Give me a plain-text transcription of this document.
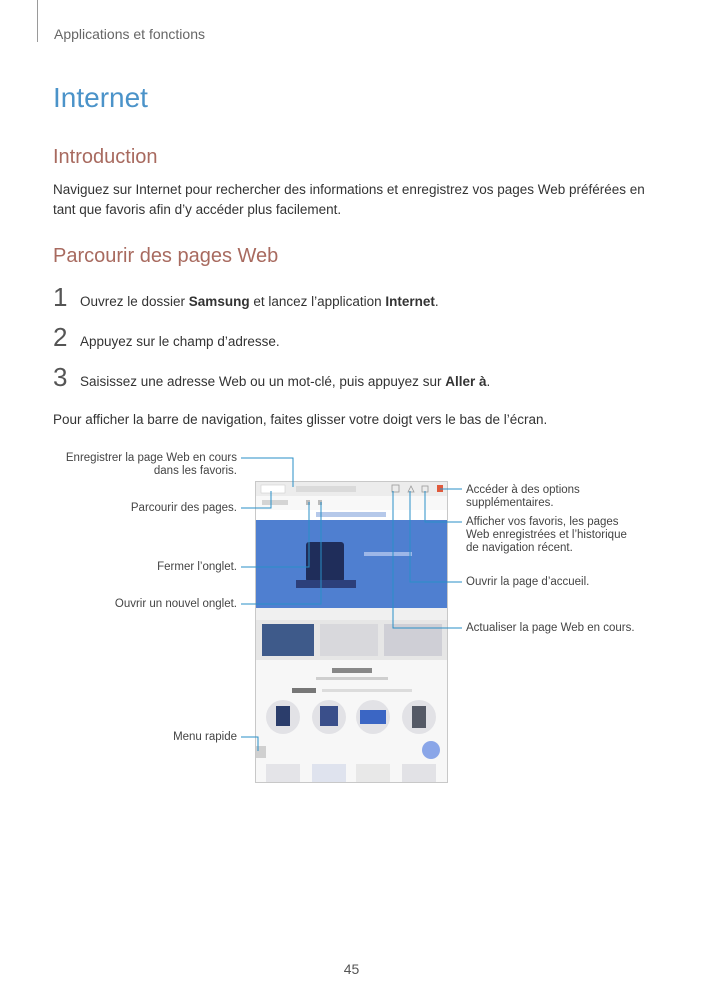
Applications et fonctions
Internet
Introduction

Naviguez sur Internet pour rechercher des informations et enregistrez vos pages Web préférées en tant que favoris afin d’y accéder plus facilement.

Parcourir des pages Web
1 Ouvrez le dossier Samsung et lancez l’application Internet.
2 Appuyez sur le champ d’adresse.
3 Saisissez une adresse Web ou un mot-clé, puis appuyez sur Aller à.

Pour afficher la barre de navigation, faites glisser votre doigt vers le bas de l’écran.

Enregistrer la page Web en cours
dans les favoris.
Parcourir des pages.
Fermer l’onglet.
Ouvrir un nouvel onglet.
Menu rapide
Accéder à des options
supplémentaires.
Afficher vos favoris, les pages
Web enregistrées et l’historique
de navigation récent.
Ouvrir la page d’accueil.
Actualiser la page Web en cours.
45
